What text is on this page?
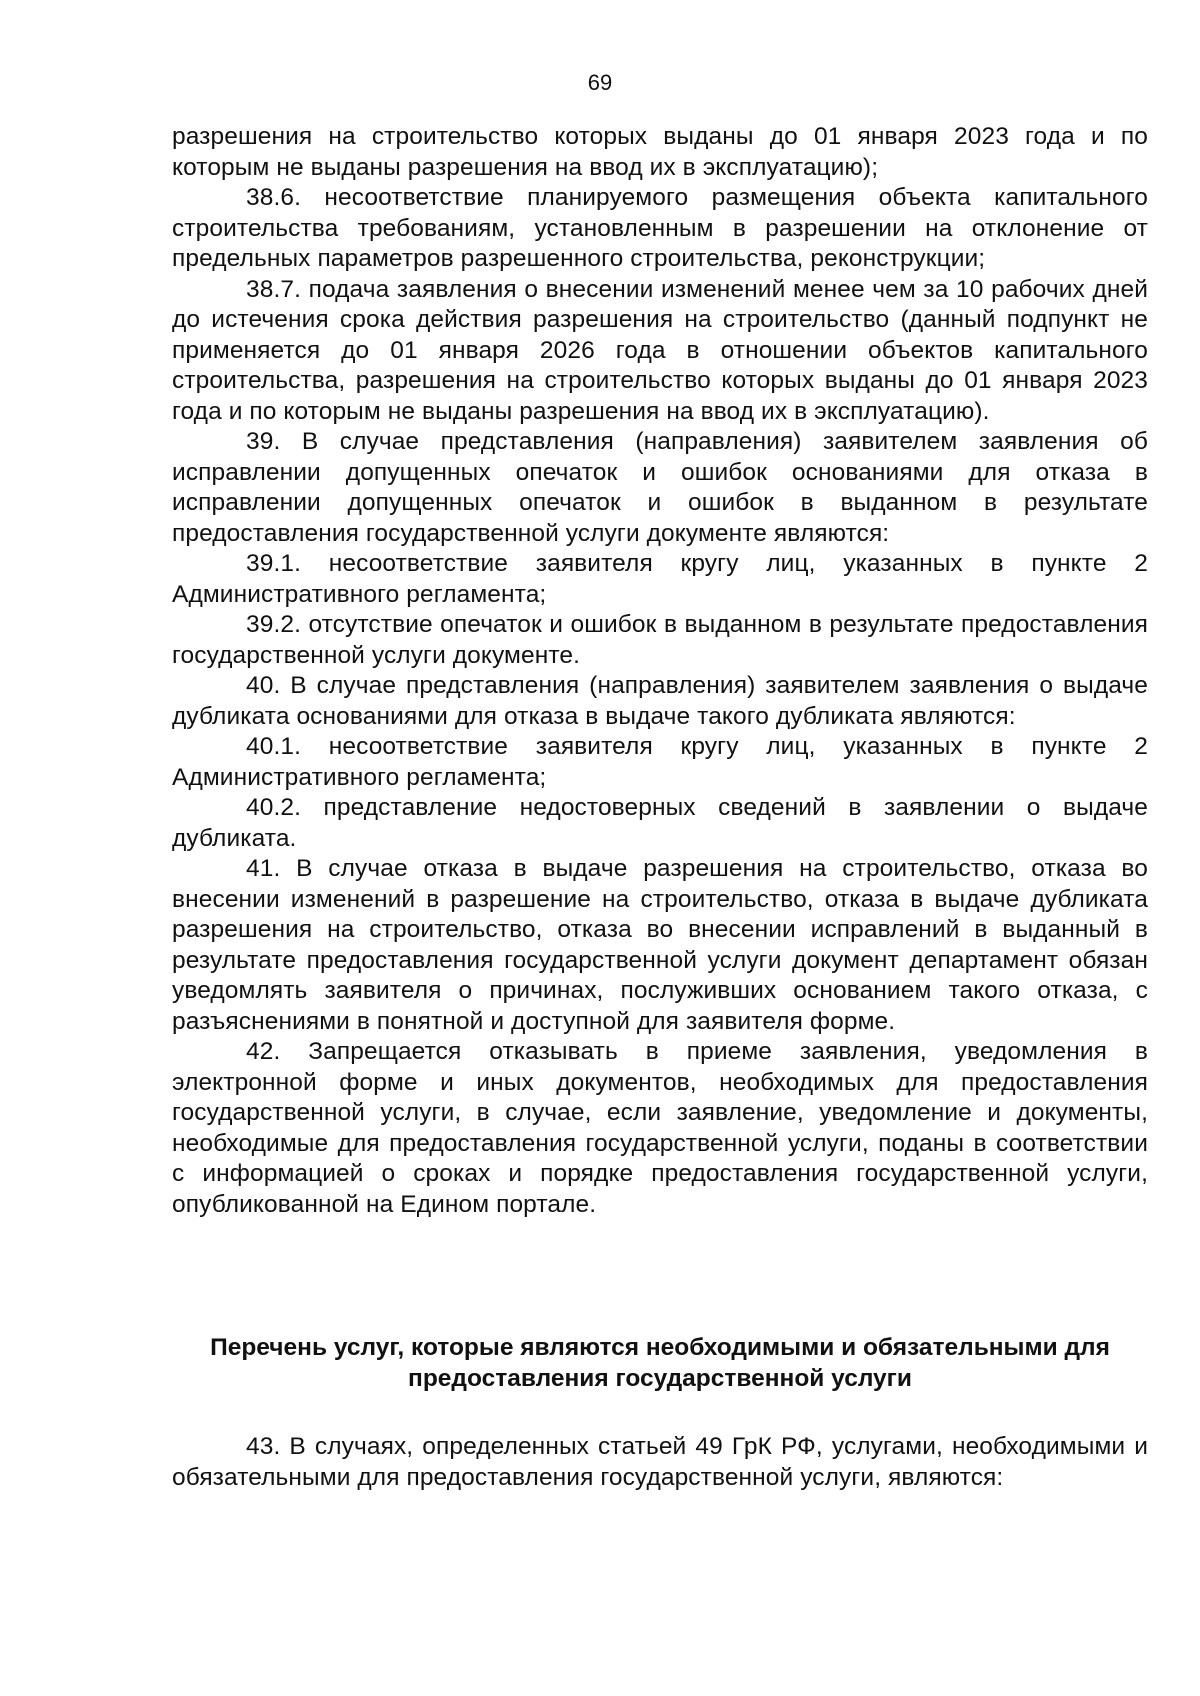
69

разрешения на строительство которых выданы до 01 января 2023 года и по которым не выданы разрешения на ввод их в эксплуатацию);

38.6. несоответствие планируемого размещения объекта капитального строительства требованиям, установленным в разрешении на отклонение от предельных параметров разрешенного строительства, реконструкции;

38.7. подача заявления о внесении изменений менее чем за 10 рабочих дней до истечения срока действия разрешения на строительство (данный подпункт не применяется до 01 января 2026 года в отношении объектов капитального строительства, разрешения на строительство которых выданы до 01 января 2023 года и по которым не выданы разрешения на ввод их в эксплуатацию).

39. В случае представления (направления) заявителем заявления об исправлении допущенных опечаток и ошибок основаниями для отказа в исправлении допущенных опечаток и ошибок в выданном в результате предоставления государственной услуги документе являются:

39.1. несоответствие заявителя кругу лиц, указанных в пункте 2 Административного регламента;

39.2. отсутствие опечаток и ошибок в выданном в результате предоставления государственной услуги документе.

40. В случае представления (направления) заявителем заявления о выдаче дубликата основаниями для отказа в выдаче такого дубликата являются:

40.1. несоответствие заявителя кругу лиц, указанных в пункте 2 Административного регламента;

40.2. представление недостоверных сведений в заявлении о выдаче дубликата.

41. В случае отказа в выдаче разрешения на строительство, отказа во внесении изменений в разрешение на строительство, отказа в выдаче дубликата разрешения на строительство, отказа во внесении исправлений в выданный в результате предоставления государственной услуги документ департамент обязан уведомлять заявителя о причинах, послуживших основанием такого отказа, с разъяснениями в понятной и доступной для заявителя форме.

42. Запрещается отказывать в приеме заявления, уведомления в электронной форме и иных документов, необходимых для предоставления государственной услуги, в случае, если заявление, уведомление и документы, необходимые для предоставления государственной услуги, поданы в соответствии с информацией о сроках и порядке предоставления государственной услуги, опубликованной на Едином портале.

Перечень услуг, которые являются необходимыми и обязательными для предоставления государственной услуги

43. В случаях, определенных статьей 49 ГрК РФ, услугами, необходимыми и обязательными для предоставления государственной услуги, являются:
